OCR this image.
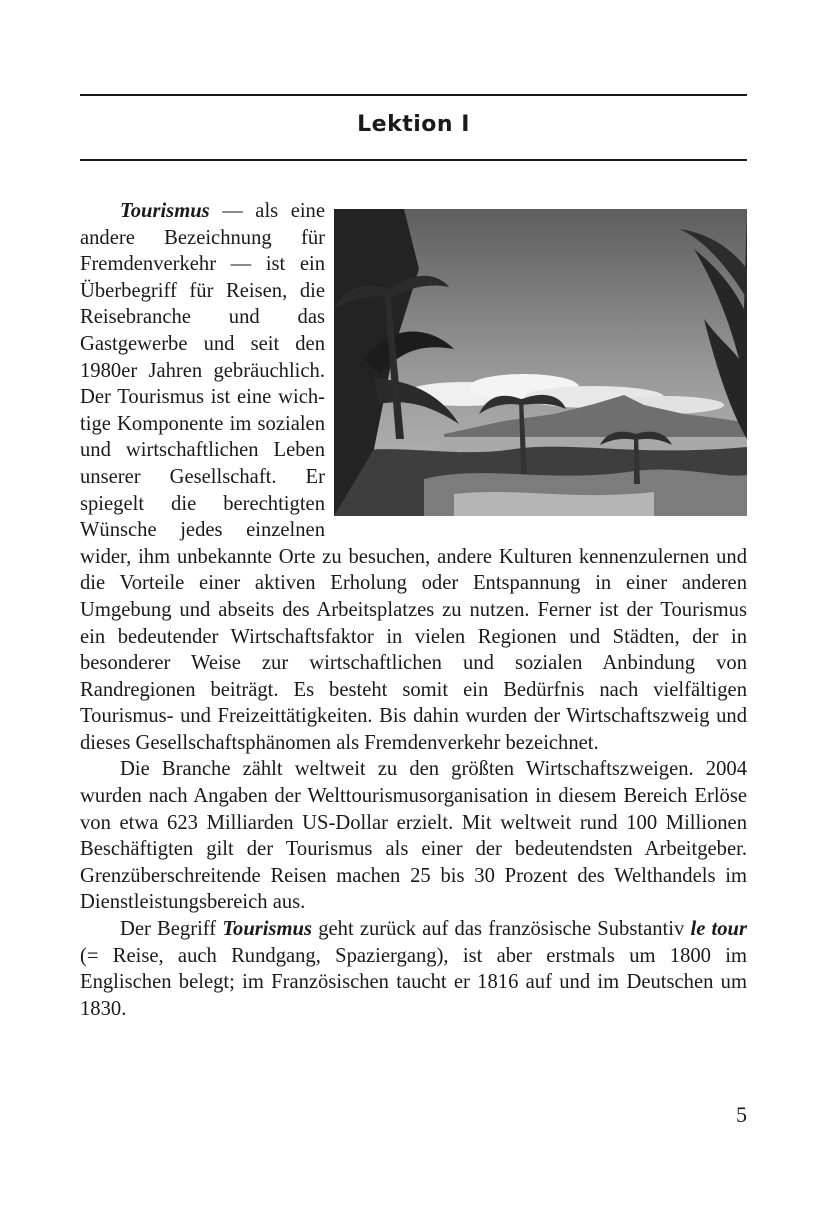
Lektion I

Tourismus — als eine andere Bezeichnung für Fremdenverkehr — ist ein Überbegriff für Reisen, die Reisebranche und das Gastgewerbe und seit den 1980er Jahren gebräuchlich. Der Tourismus ist eine wichtige Komponente im sozialen und wirtschaftlichen Leben unserer Gesellschaft. Er spiegelt die berechtigten Wünsche jedes einzelnen wider, ihm unbekannte Orte zu besuchen, andere Kulturen kennenzulernen und die Vorteile einer aktiven Erholung oder Entspannung in einer anderen Umgebung und abseits des Arbeitsplatzes zu nutzen. Ferner ist der Tourismus ein bedeutender Wirtschaftsfaktor in vielen Regionen und Städten, der in besonderer Weise zur wirtschaftlichen und sozialen Anbindung von Randregionen beiträgt. Es besteht somit ein Bedürfnis nach vielfältigen Tourismus- und Freizeittätigkeiten. Bis dahin wurden der Wirtschaftszweig und dieses Gesellschaftsphänomen als Fremdenverkehr bezeichnet.

Die Branche zählt weltweit zu den größten Wirtschaftszweigen. 2004 wurden nach Angaben der Welttourismusorganisation in diesem Bereich Erlöse von etwa 623 Milliarden US-Dollar erzielt. Mit weltweit rund 100 Millionen Beschäftigten gilt der Tourismus als einer der bedeutendsten Arbeitgeber. Grenzüberschreitende Reisen machen 25 bis 30 Prozent des Welthandels im Dienstleistungsbereich aus.

Der Begriff Tourismus geht zurück auf das französische Substantiv le tour (= Reise, auch Rundgang, Spaziergang), ist aber erstmals um 1800 im Englischen belegt; im Französischen taucht er 1816 auf und im Deutschen um 1830.

5
